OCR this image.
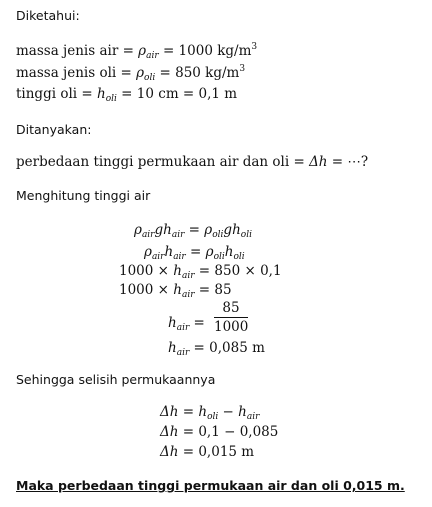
Diketahui:
massa jenis air = $\rho_{air} = 1000$ $kg/m^3$
massa jenis oli = $\rho_{oli} = 850$ $kg/m^3$
tinggi oli = $h_{oli} = 10$ cm = 0,1 m
Ditanyakan:
perbedaan tinggi permukaan air dan oli = Δh = ⋯?
Menghitung tinggi air
$\rho_{air}gh_{air} = \rho_{oli}gh_{oli}$
$\rho_{air}h_{air} = \rho_{oli}h_{oli}$
$1000 \times h_{air} = 850 \times 0,1$
$1000 \times h_{air} = 85$
$h_{air}$ =
85
1000
$h_{air} = 0,085$ m
Sehingga selisih permukaannya
$\Delta h = h_{oli} - h_{air}$
Δh = 0,1 − 0,085
Δh = 0,015 m
Maka perbedaan tinggi permukaan air dan oli 0,015 m.
